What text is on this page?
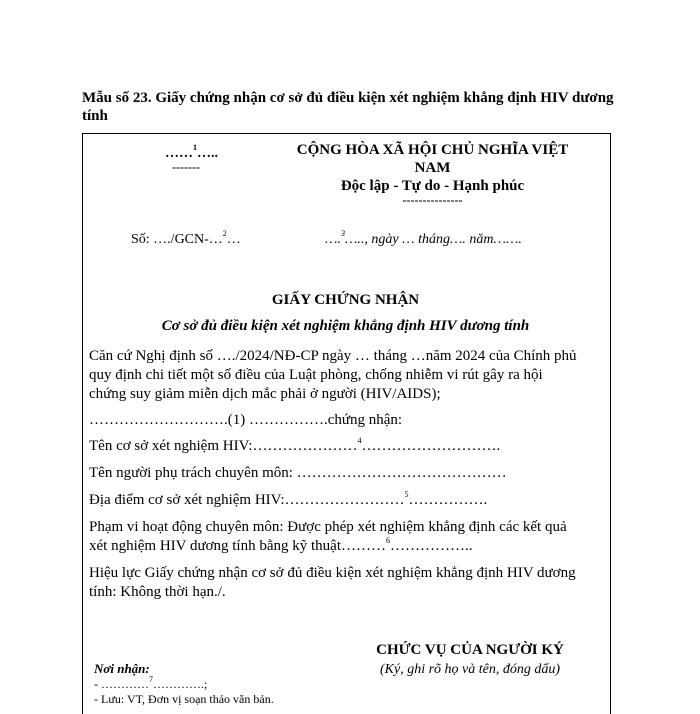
Mẫu số 23. Giấy chứng nhận cơ sở đủ điều kiện xét nghiệm khẳng định HIV dương tính
……$^1$…..
-------
CỘNG HÒA XÃ HỘI CHỦ NGHĨA VIỆT
NAM
Độc lập - Tự do - Hạnh phúc
---------------
Số: …./GCN-…$^2$…	….$^3$….., ngày … tháng…. năm…….
GIẤY CHỨNG NHẬN
Cơ sở đủ điều kiện xét nghiệm khẳng định HIV dương tính
Căn cứ Nghị định số …./2024/NĐ-CP ngày … tháng …năm 2024 của Chính phủ
quy định chi tiết một số điều của Luật phòng, chống nhiễm vi rút gây ra hội
chứng suy giảm miễn dịch mắc phải ở người (HIV/AIDS);
……………………….(1) …………….chứng nhận:
Tên cơ sở xét nghiệm HIV:…………………$^4$……………………….
Tên người phụ trách chuyên môn: ……………………………………
Địa điểm cơ sở xét nghiệm HIV:……………………$^5$…………….
Phạm vi hoạt động chuyên môn: Được phép xét nghiệm khẳng định các kết quả
xét nghiệm HIV dương tính bằng kỹ thuật………$^6$……………..
Hiệu lực Giấy chứng nhận cơ sở đủ điều kiện xét nghiệm khẳng định HIV dương
tính: Không thời hạn./.
CHỨC VỤ CỦA NGƯỜI KÝ
(Ký, ghi rõ họ và tên, đóng dấu)
Nơi nhận:
- …………$^7$………….;
- Lưu: VT, Đơn vị soạn thảo văn bản.
